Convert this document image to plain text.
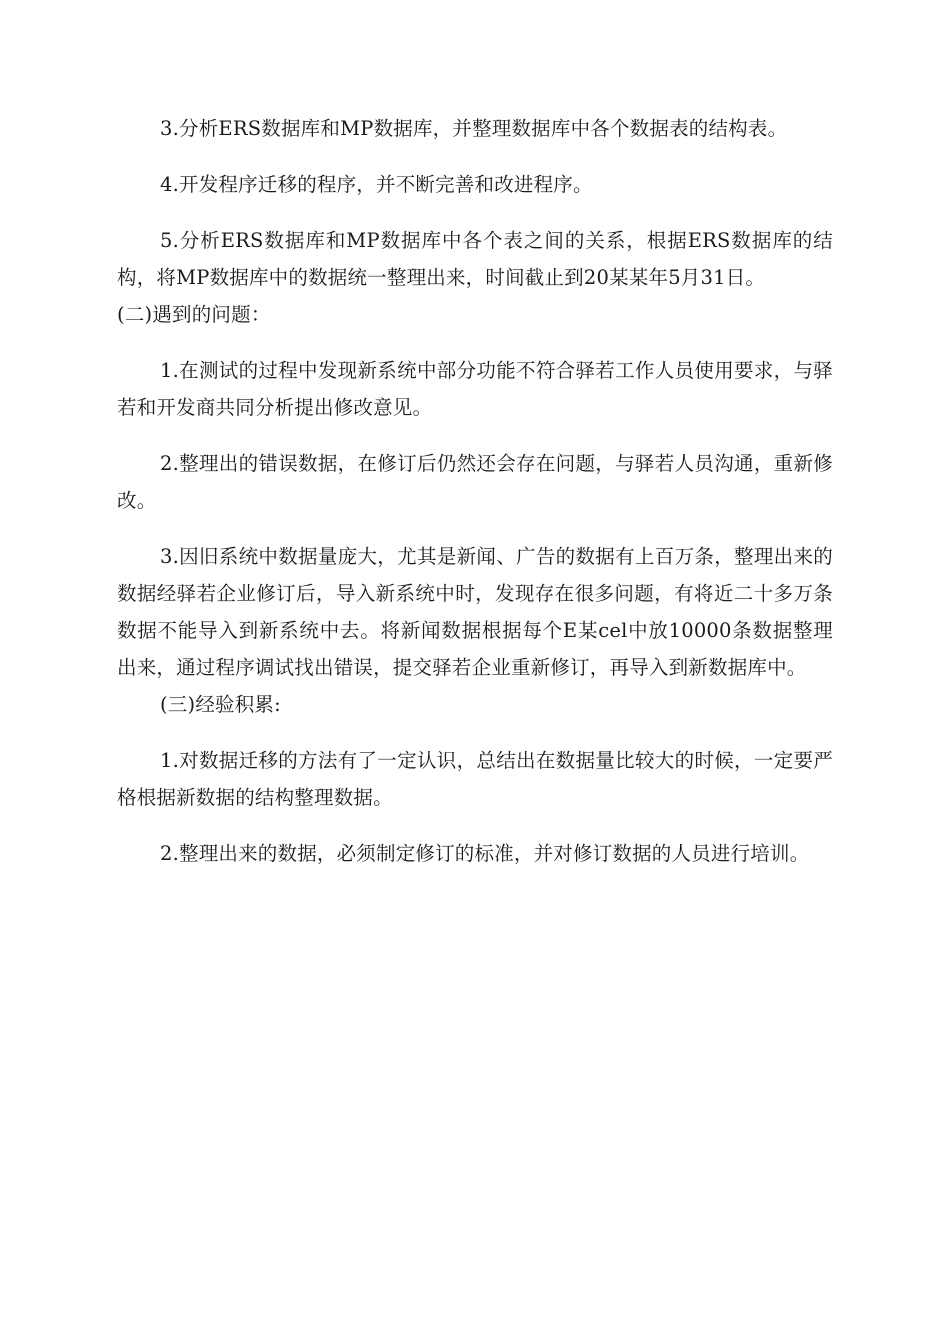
3.分析ERS数据库和MP数据库，并整理数据库中各个数据表的结构表。

4.开发程序迁移的程序，并不断完善和改进程序。

5.分析ERS数据库和MP数据库中各个表之间的关系，根据ERS数据库的结构，将MP数据库中的数据统一整理出来，时间截止到20某某年5月31日。

(二)遇到的问题：

1.在测试的过程中发现新系统中部分功能不符合驿若工作人员使用要求，与驿若和开发商共同分析提出修改意见。

2.整理出的错误数据，在修订后仍然还会存在问题，与驿若人员沟通，重新修改。

3.因旧系统中数据量庞大，尤其是新闻、广告的数据有上百万条，整理出来的数据经驿若企业修订后，导入新系统中时，发现存在很多问题，有将近二十多万条数据不能导入到新系统中去。将新闻数据根据每个E某cel中放10000条数据整理出来，通过程序调试找出错误，提交驿若企业重新修订，再导入到新数据库中。

(三)经验积累:

1.对数据迁移的方法有了一定认识，总结出在数据量比较大的时候，一定要严格根据新数据的结构整理数据。

2.整理出来的数据，必须制定修订的标准，并对修订数据的人员进行培训。
